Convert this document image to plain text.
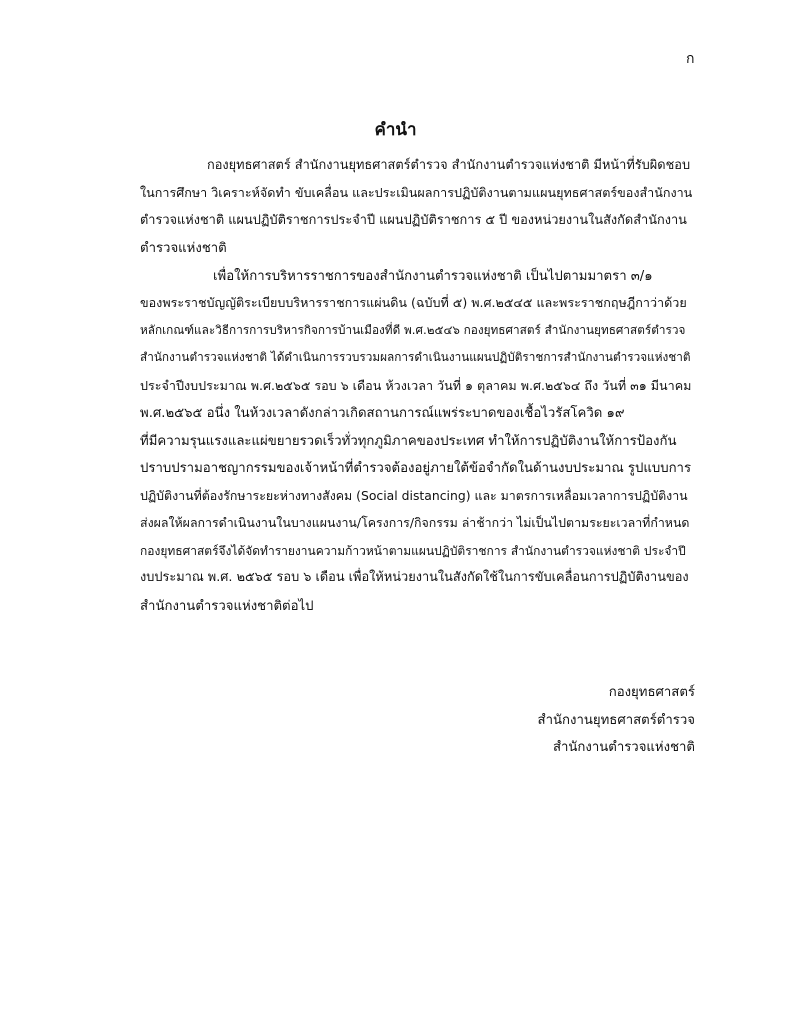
ก
คำนำ

กองยุทธศาสตร์ สำนักงานยุทธศาสตร์ตำรวจ สำนักงานตำรวจแห่งชาติ มีหน้าที่รับผิดชอบ

ในการศึกษา วิเคราะห์จัดทำ ขับเคลื่อน และประเมินผลการปฏิบัติงานตามแผนยุทธศาสตร์ของสำนักงาน

ตำรวจแห่งชาติ แผนปฏิบัติราชการประจำปี แผนปฏิบัติราชการ ๕ ปี ของหน่วยงานในสังกัดสำนักงาน

ตำรวจแห่งชาติ

เพื่อให้การบริหารราชการของสำนักงานตำรวจแห่งชาติ เป็นไปตามมาตรา ๓/๑

ของพระราชบัญญัติระเบียบบริหารราชการแผ่นดิน (ฉบับที่ ๕) พ.ศ.๒๕๔๕ และพระราชกฤษฎีกาว่าด้วย

หลักเกณฑ์และวิธีการการบริหารกิจการบ้านเมืองที่ดี พ.ศ.๒๕๔๖ กองยุทธศาสตร์ สำนักงานยุทธศาสตร์ตำรวจ

สำนักงานตำรวจแห่งชาติ ได้ดำเนินการรวบรวมผลการดำเนินงานแผนปฏิบัติราชการสำนักงานตำรวจแห่งชาติ

ประจำปีงบประมาณ พ.ศ.๒๕๖๕ รอบ ๖ เดือน ห้วงเวลา วันที่ ๑ ตุลาคม พ.ศ.๒๕๖๔ ถึง วันที่ ๓๑ มีนาคม

พ.ศ.๒๕๖๕ อนึ่ง ในห้วงเวลาดังกล่าวเกิดสถานการณ์แพร่ระบาดของเชื้อไวรัสโควิด ๑๙

ที่มีความรุนแรงและแผ่ขยายรวดเร็วทั่วทุกภูมิภาคของประเทศ ทำให้การปฏิบัติงานให้การป้องกัน

ปราบปรามอาชญากรรมของเจ้าหน้าที่ตำรวจต้องอยู่ภายใต้ข้อจำกัดในด้านงบประมาณ รูปแบบการ

ปฏิบัติงานที่ต้องรักษาระยะห่างทางสังคม (Social distancing) และ มาตรการเหลื่อมเวลาการปฏิบัติงาน

ส่งผลให้ผลการดำเนินงานในบางแผนงาน/โครงการ/กิจกรรม ล่าช้ากว่า ไม่เป็นไปตามระยะเวลาที่กำหนด

กองยุทธศาสตร์จึงได้จัดทำรายงานความก้าวหน้าตามแผนปฏิบัติราชการ สำนักงานตำรวจแห่งชาติ ประจำปี

งบประมาณ พ.ศ. ๒๕๖๕ รอบ ๖ เดือน เพื่อให้หน่วยงานในสังกัดใช้ในการขับเคลื่อนการปฏิบัติงานของ

สำนักงานตำรวจแห่งชาติต่อไป

กองยุทธศาสตร์
สำนักงานยุทธศาสตร์ตำรวจ
สำนักงานตำรวจแห่งชาติ
